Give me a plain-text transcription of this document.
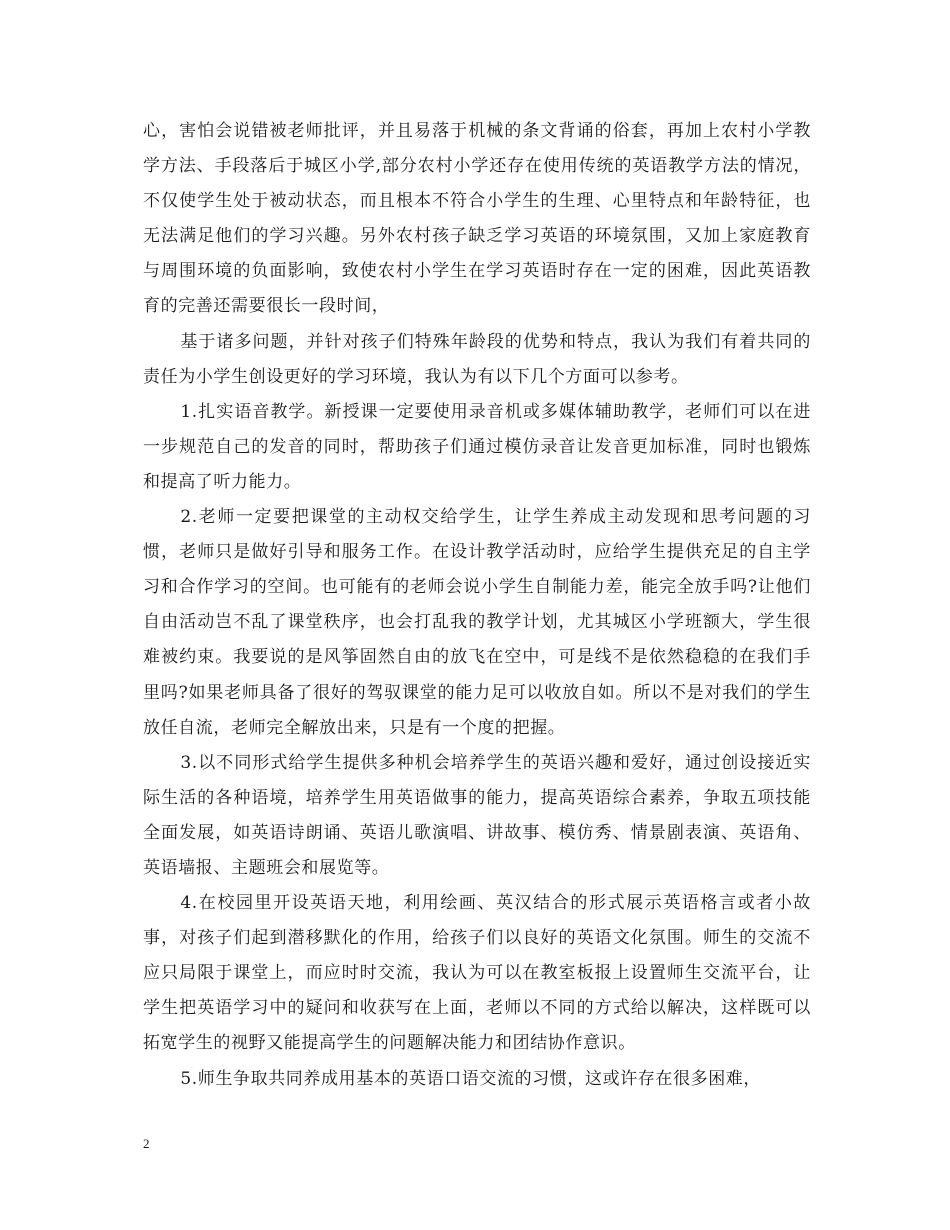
心，害怕会说错被老师批评，并且易落于机械的条文背诵的俗套，再加上农村小学教学方法、手段落后于城区小学,部分农村小学还存在使用传统的英语教学方法的情况，不仅使学生处于被动状态，而且根本不符合小学生的生理、心里特点和年龄特征，也无法满足他们的学习兴趣。另外农村孩子缺乏学习英语的环境氛围，又加上家庭教育与周围环境的负面影响，致使农村小学生在学习英语时存在一定的困难，因此英语教育的完善还需要很长一段时间，

基于诸多问题，并针对孩子们特殊年龄段的优势和特点，我认为我们有着共同的责任为小学生创设更好的学习环境，我认为有以下几个方面可以参考。

1.扎实语音教学。新授课一定要使用录音机或多媒体辅助教学，老师们可以在进一步规范自己的发音的同时，帮助孩子们通过模仿录音让发音更加标准，同时也锻炼和提高了听力能力。

2.老师一定要把课堂的主动权交给学生，让学生养成主动发现和思考问题的习惯，老师只是做好引导和服务工作。在设计教学活动时，应给学生提供充足的自主学习和合作学习的空间。也可能有的老师会说小学生自制能力差，能完全放手吗?让他们自由活动岂不乱了课堂秩序，也会打乱我的教学计划，尤其城区小学班额大，学生很难被约束。我要说的是风筝固然自由的放飞在空中，可是线不是依然稳稳的在我们手里吗?如果老师具备了很好的驾驭课堂的能力足可以收放自如。所以不是对我们的学生放任自流，老师完全解放出来，只是有一个度的把握。

3.以不同形式给学生提供多种机会培养学生的英语兴趣和爱好，通过创设接近实际生活的各种语境，培养学生用英语做事的能力，提高英语综合素养，争取五项技能全面发展，如英语诗朗诵、英语儿歌演唱、讲故事、模仿秀、情景剧表演、英语角、英语墙报、主题班会和展览等。

4.在校园里开设英语天地，利用绘画、英汉结合的形式展示英语格言或者小故事，对孩子们起到潜移默化的作用，给孩子们以良好的英语文化氛围。师生的交流不应只局限于课堂上，而应时时交流，我认为可以在教室板报上设置师生交流平台，让学生把英语学习中的疑问和收获写在上面，老师以不同的方式给以解决，这样既可以拓宽学生的视野又能提高学生的问题解决能力和团结协作意识。

5.师生争取共同养成用基本的英语口语交流的习惯，这或许存在很多困难，

2
